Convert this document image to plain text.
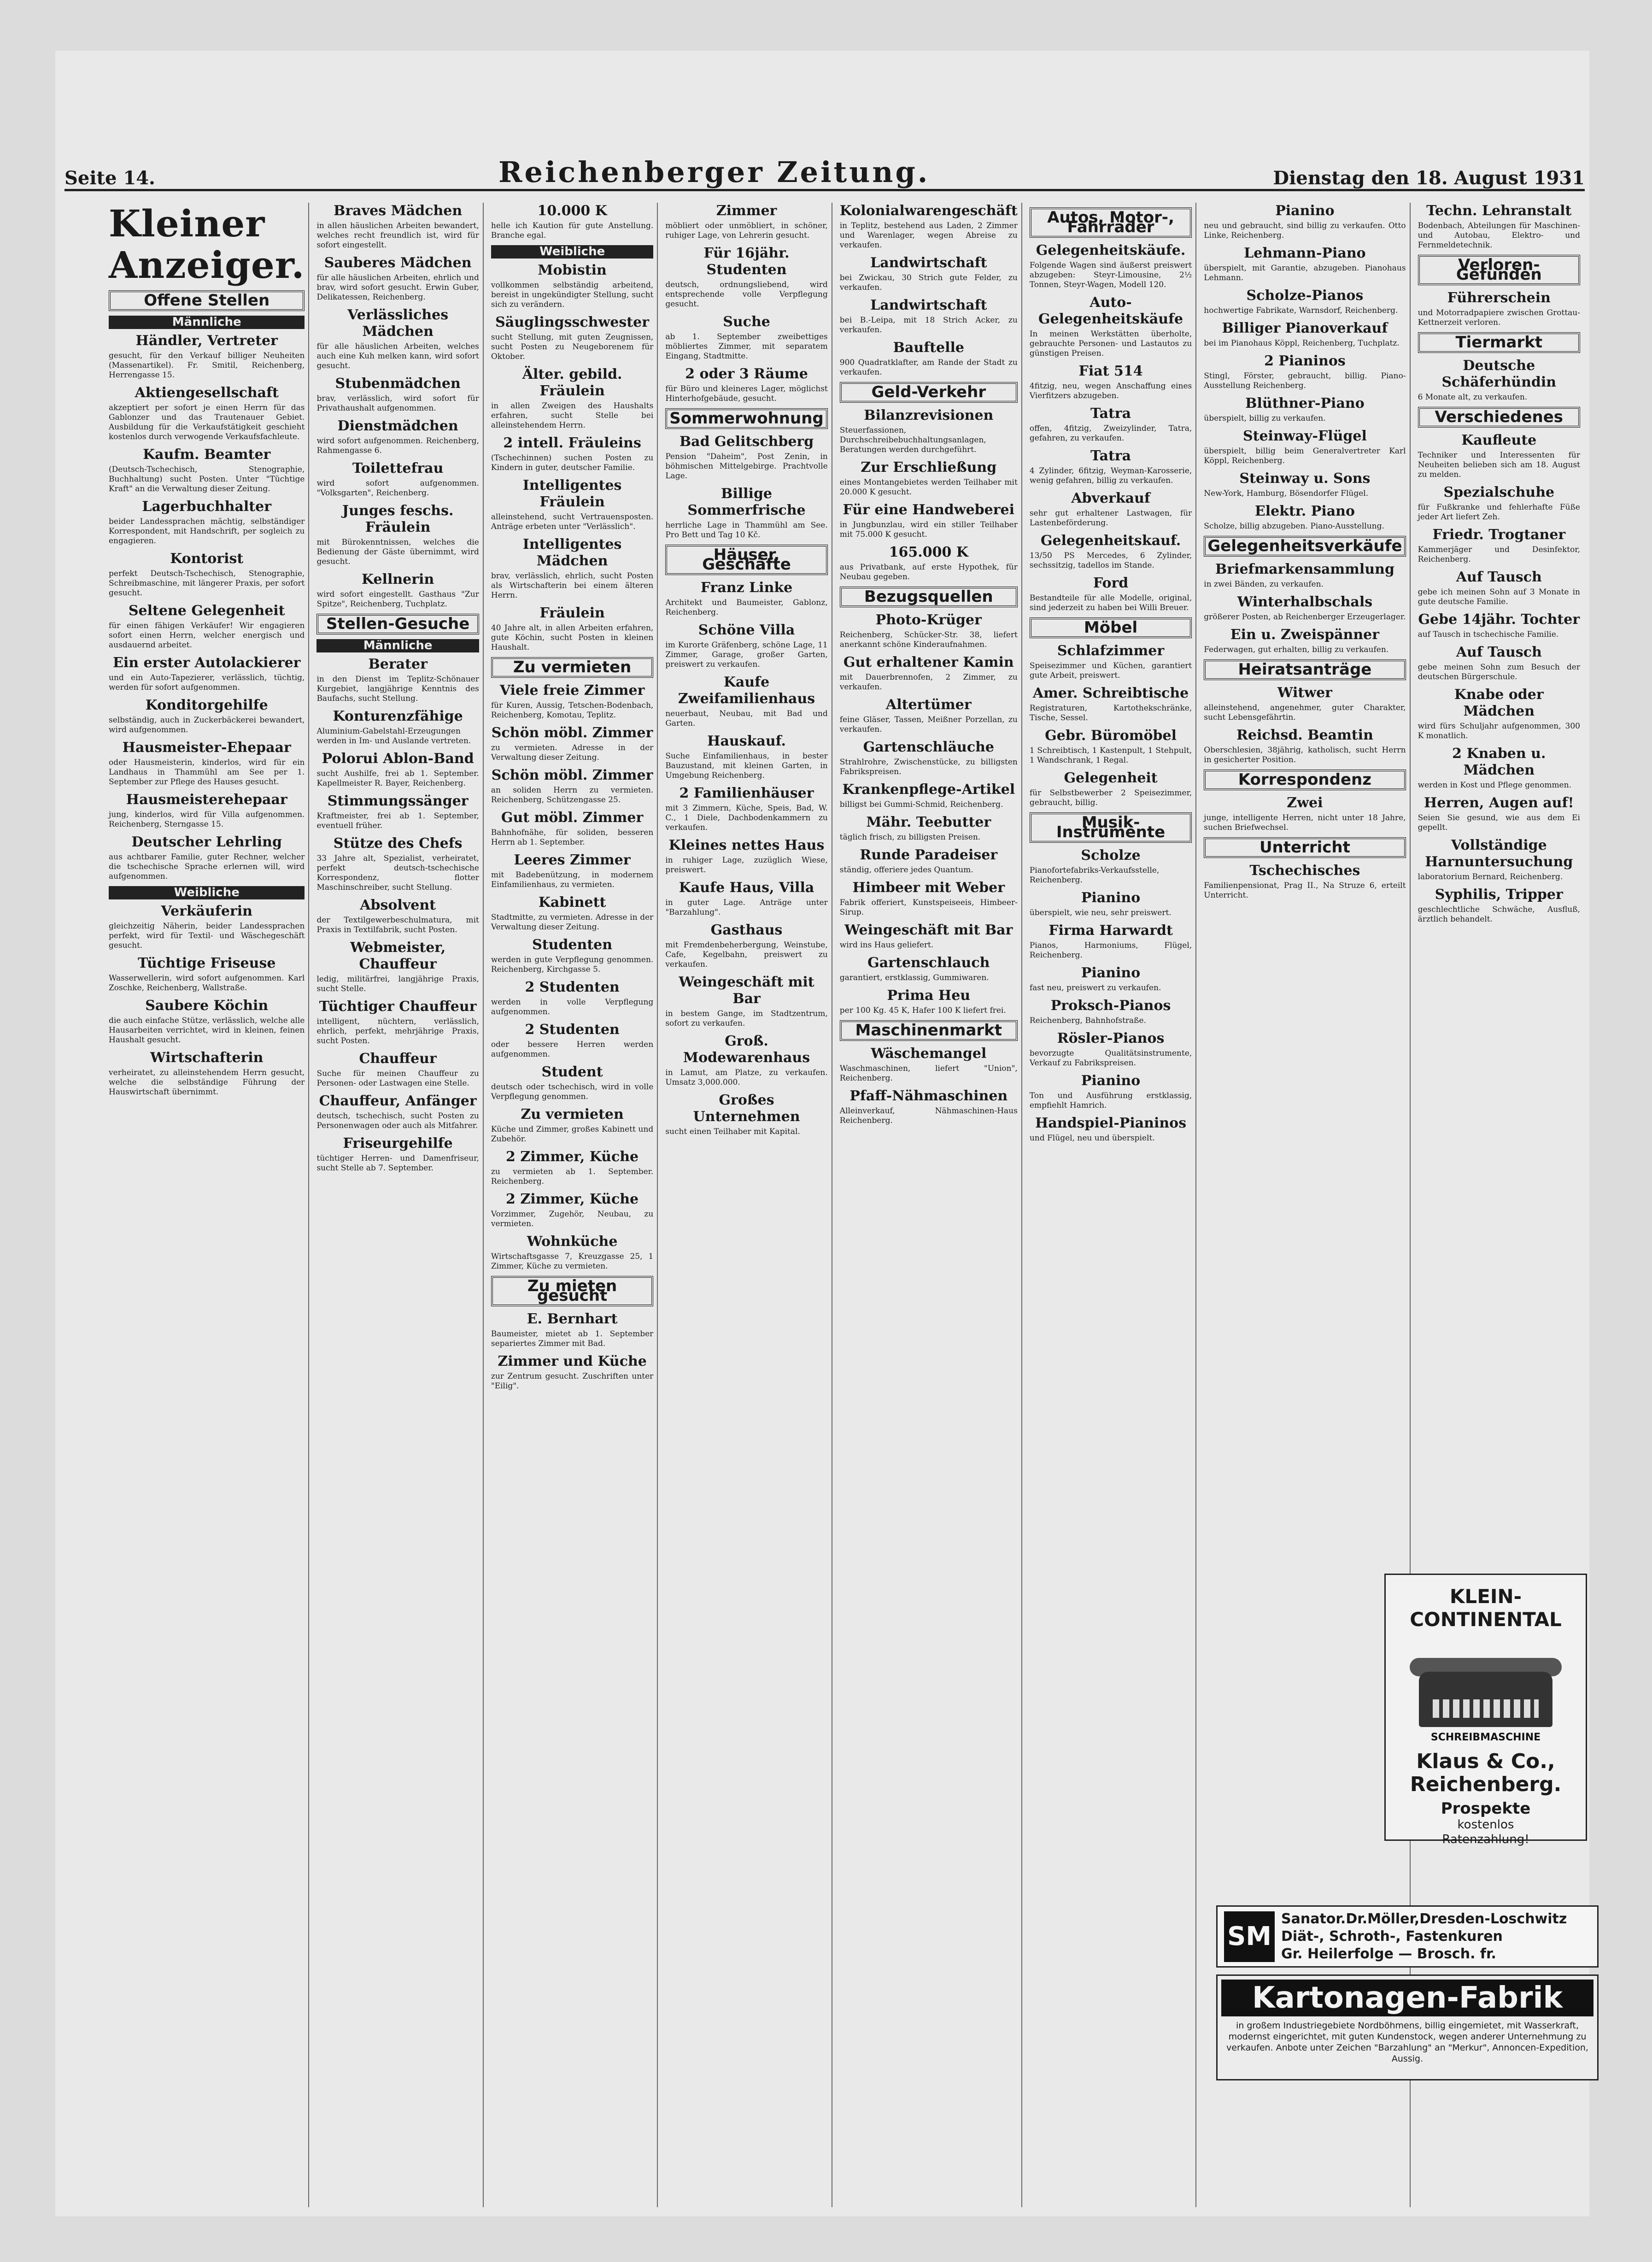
Seite 14.	Reichenberger Zeitung.	Dienstag den 18. August 1931
Kleiner Anzeiger.
Offene Stellen
Männliche
Händler, Vertreter
gesucht, für den Verkauf billiger Neuheiten (Massenartikel). Fr. Smitil, Reichenberg, Herrengasse 15.
Aktiengesellschaft
akzeptiert per sofort je einen Herrn für das Gablonzer und das Trautenauer Gebiet. Ausbildung für die Verkaufstätigkeit geschieht kostenlos durch verwogende Verkaufsfachleute.
Kaufm. Beamter
(Deutsch-Tschechisch, Stenographie, Buchhaltung) sucht Posten. Unter "Tüchtige Kraft" an die Verwaltung dieser Zeitung.
Lagerbuchhalter
beider Landessprachen mächtig, selbständiger Korrespondent, mit Handschrift, per sogleich zu engagieren.
Kontorist
perfekt Deutsch-Tschechisch, Stenographie, Schreibmaschine, mit längerer Praxis, per sofort gesucht.
Seltene Gelegenheit
für einen fähigen Verkäufer! Wir engagieren sofort einen Herrn, welcher energisch und ausdauernd arbeitet.
Ein erster Autolackierer
und ein Auto-Tapezierer, verlässlich, tüchtig, werden für sofort aufgenommen.
Konditorgehilfe
selbständig, auch in Zuckerbäckerei bewandert, wird aufgenommen.
Hausmeister-Ehepaar
oder Hausmeisterin, kinderlos, wird für ein Landhaus in Thammühl am See per 1. September zur Pflege des Hauses gesucht.
Hausmeisterehepaar
jung, kinderlos, wird für Villa aufgenommen. Reichenberg, Sterngasse 15.
Deutscher Lehrling
aus achtbarer Familie, guter Rechner, welcher die tschechische Sprache erlernen will, wird aufgenommen.
Weibliche
Verkäuferin
gleichzeitig Näherin, beider Landessprachen perfekt, wird für Textil- und Wäschegeschäft gesucht.
Tüchtige Friseuse
Wasserwellerin, wird sofort aufgenommen. Karl Zoschke, Reichenberg, Wallstraße.
Saubere Köchin
die auch einfache Stütze, verlässlich, welche alle Hausarbeiten verrichtet, wird in kleinen, feinen Haushalt gesucht.
Wirtschafterin
verheiratet, zu alleinstehendem Herrn gesucht, welche die selbständige Führung der Hauswirtschaft übernimmt.
Braves Mädchen
in allen häuslichen Arbeiten bewandert, welches recht freundlich ist, wird für sofort eingestellt.
Sauberes Mädchen
für alle häuslichen Arbeiten, ehrlich und brav, wird sofort gesucht. Erwin Guber, Delikatessen, Reichenberg.
Verlässliches Mädchen
für alle häuslichen Arbeiten, welches auch eine Kuh melken kann, wird sofort gesucht.
Stubenmädchen
brav, verlässlich, wird sofort für Privathaushalt aufgenommen.
Dienstmädchen
wird sofort aufgenommen. Reichenberg, Rahmengasse 6.
Toilettefrau
wird sofort aufgenommen. "Volksgarten", Reichenberg.
Junges feschs. Fräulein
mit Bürokenntnissen, welches die Bedienung der Gäste übernimmt, wird gesucht.
Kellnerin
wird sofort eingestellt. Gasthaus "Zur Spitze", Reichenberg, Tuchplatz.
Stellen-Gesuche
Männliche
Berater
in den Dienst im Teplitz-Schönauer Kurgebiet, langjährige Kenntnis des Baufachs, sucht Stellung.
Konturenzfähige
Aluminium-Gabelstahl-Erzeugungen werden in Im- und Auslande vertreten.
Polorui Ablon-Band
sucht Aushilfe, frei ab 1. September. Kapellmeister R. Bayer, Reichenberg.
Stimmungssänger
Kraftmeister, frei ab 1. September, eventuell früher.
Stütze des Chefs
33 Jahre alt, Spezialist, verheiratet, perfekt deutsch-tschechische Korrespondenz, flotter Maschinschreiber, sucht Stellung.
Absolvent
der Textilgewerbeschulmatura, mit Praxis in Textilfabrik, sucht Posten.
Webmeister, Chauffeur
ledig, militärfrei, langjährige Praxis, sucht Stelle.
Tüchtiger Chauffeur
intelligent, nüchtern, verlässlich, ehrlich, perfekt, mehrjährige Praxis, sucht Posten.
Chauffeur
Suche für meinen Chauffeur zu Personen- oder Lastwagen eine Stelle.
Chauffeur, Anfänger
deutsch, tschechisch, sucht Posten zu Personenwagen oder auch als Mitfahrer.
Friseurgehilfe
tüchtiger Herren- und Damenfriseur, sucht Stelle ab 7. September.
10.000 K
helle ich Kaution für gute Anstellung. Branche egal.
Weibliche
Mobistin
vollkommen selbständig arbeitend, bereist in ungekündigter Stellung, sucht sich zu verändern.
Säuglingsschwester
sucht Stellung, mit guten Zeugnissen, sucht Posten zu Neugeborenem für Oktober.
Älter. gebild. Fräulein
in allen Zweigen des Haushalts erfahren, sucht Stelle bei alleinstehendem Herrn.
2 intell. Fräuleins
(Tschechinnen) suchen Posten zu Kindern in guter, deutscher Familie.
Intelligentes Fräulein
alleinstehend, sucht Vertrauensposten. Anträge erbeten unter "Verlässlich".
Intelligentes Mädchen
brav, verlässlich, ehrlich, sucht Posten als Wirtschafterin bei einem älteren Herrn.
Fräulein
40 Jahre alt, in allen Arbeiten erfahren, gute Köchin, sucht Posten in kleinen Haushalt.
Zu vermieten
Viele freie Zimmer
für Kuren, Aussig, Tetschen-Bodenbach, Reichenberg, Komotau, Teplitz.
Schön möbl. Zimmer
zu vermieten. Adresse in der Verwaltung dieser Zeitung.
Schön möbl. Zimmer
an soliden Herrn zu vermieten. Reichenberg, Schützengasse 25.
Gut möbl. Zimmer
Bahnhofnähe, für soliden, besseren Herrn ab 1. September.
Leeres Zimmer
mit Badebenützung, in modernem Einfamilienhaus, zu vermieten.
Kabinett
Stadtmitte, zu vermieten. Adresse in der Verwaltung dieser Zeitung.
Studenten
werden in gute Verpflegung genommen. Reichenberg, Kirchgasse 5.
2 Studenten
werden in volle Verpflegung aufgenommen.
2 Studenten
oder bessere Herren werden aufgenommen.
Student
deutsch oder tschechisch, wird in volle Verpflegung genommen.
Zu vermieten
Küche und Zimmer, großes Kabinett und Zubehör.
2 Zimmer, Küche
zu vermieten ab 1. September. Reichenberg.
2 Zimmer, Küche
Vorzimmer, Zugehör, Neubau, zu vermieten.
Wohnküche
Wirtschaftsgasse 7, Kreuzgasse 25, 1 Zimmer, Küche zu vermieten.
Zu mieten gesucht
E. Bernhart
Baumeister, mietet ab 1. September separiertes Zimmer mit Bad.
Zimmer und Küche
zur Zentrum gesucht. Zuschriften unter "Eilig".
Zimmer
möbliert oder unmöbliert, in schöner, ruhiger Lage, von Lehrerin gesucht.
Für 16jähr. Studenten
deutsch, ordnungsliebend, wird entsprechende volle Verpflegung gesucht.
Suche
ab 1. September zweibettiges möbliertes Zimmer, mit separatem Eingang, Stadtmitte.
2 oder 3 Räume
für Büro und kleineres Lager, möglichst Hinterhofgebäude, gesucht.
Sommerwohnung
Bad Gelitschberg
Pension "Daheim", Post Zenin, in böhmischen Mittelgebirge. Prachtvolle Lage.
Billige Sommerfrische
herrliche Lage in Thammühl am See. Pro Bett und Tag 10 Kč.
Häuser, Geschäfte
Franz Linke
Architekt und Baumeister, Gablonz, Reichenberg.
Schöne Villa
im Kurorte Gräfenberg, schöne Lage, 11 Zimmer, Garage, großer Garten, preiswert zu verkaufen.
Kaufe Zweifamilienhaus
neuerbaut, Neubau, mit Bad und Garten.
Hauskauf.
Suche Einfamilienhaus, in bester Bauzustand, mit kleinen Garten, in Umgebung Reichenberg.
2 Familienhäuser
mit 3 Zimmern, Küche, Speis, Bad, W. C., 1 Diele, Dachbodenkammern zu verkaufen.
Kleines nettes Haus
in ruhiger Lage, zuzüglich Wiese, preiswert.
Kaufe Haus, Villa
in guter Lage. Anträge unter "Barzahlung".
Gasthaus
mit Fremdenbeherbergung, Weinstube, Cafe, Kegelbahn, preiswert zu verkaufen.
Weingeschäft mit Bar
in bestem Gange, im Stadtzentrum, sofort zu verkaufen.
Groß. Modewarenhaus
in Lamut, am Platze, zu verkaufen. Umsatz 3,000.000.
Großes Unternehmen
sucht einen Teilhaber mit Kapital.
Kolonialwarengeschäft
in Teplitz, bestehend aus Laden, 2 Zimmer und Warenlager, wegen Abreise zu verkaufen.
Landwirtschaft
bei Zwickau, 30 Strich gute Felder, zu verkaufen.
Landwirtschaft
bei B.-Leipa, mit 18 Strich Acker, zu verkaufen.
Bauftelle
900 Quadratklafter, am Rande der Stadt zu verkaufen.
Geld-Verkehr
Bilanzrevisionen
Steuerfassionen, Durchschreibebuchhaltungsanlagen, Beratungen werden durchgeführt.
Zur Erschließung
eines Montangebietes werden Teilhaber mit 20.000 K gesucht.
Für eine Handweberei
in Jungbunzlau, wird ein stiller Teilhaber mit 75.000 K gesucht.
165.000 K
aus Privatbank, auf erste Hypothek, für Neubau gegeben.
Bezugsquellen
Photo-Krüger
Reichenberg, Schücker-Str. 38, liefert anerkannt schöne Kinderaufnahmen.
Gut erhaltener Kamin
mit Dauerbrennofen, 2 Zimmer, zu verkaufen.
Altertümer
feine Gläser, Tassen, Meißner Porzellan, zu verkaufen.
Gartenschläuche
Strahlrohre, Zwischenstücke, zu billigsten Fabrikspreisen.
Krankenpflege-Artikel
billigst bei Gummi-Schmid, Reichenberg.
Mähr. Teebutter
täglich frisch, zu billigsten Preisen.
Runde Paradeiser
ständig, offeriere jedes Quantum.
Himbeer mit Weber
Fabrik offeriert, Kunstspeiseeis, Himbeer-Sirup.
Weingeschäft mit Bar
wird ins Haus geliefert.
Gartenschlauch
garantiert, erstklassig, Gummiwaren.
Prima Heu
per 100 Kg. 45 K, Hafer 100 K liefert frei.
Maschinenmarkt
Wäschemangel
Waschmaschinen, liefert "Union", Reichenberg.
Pfaff-Nähmaschinen
Alleinverkauf, Nähmaschinen-Haus Reichenberg.
Autos, Motor-, Fahrräder
Gelegenheitskäufe.
Folgende Wagen sind äußerst preiswert abzugeben: Steyr-Limousine, 2½ Tonnen, Steyr-Wagen, Modell 120.
Auto-Gelegenheitskäufe
In meinen Werkstätten überholte, gebrauchte Personen- und Lastautos zu günstigen Preisen.
Fiat 514
4fitzig, neu, wegen Anschaffung eines Vierfitzers abzugeben.
Tatra
offen, 4fitzig, Zweizylinder, Tatra, gefahren, zu verkaufen.
Tatra
4 Zylinder, 6fitzig, Weyman-Karosserie, wenig gefahren, billig zu verkaufen.
Abverkauf
sehr gut erhaltener Lastwagen, für Lastenbeförderung.
Gelegenheitskauf.
13/50 PS Mercedes, 6 Zylinder, sechssitzig, tadellos im Stande.
Ford
Bestandteile für alle Modelle, original, sind jederzeit zu haben bei Willi Breuer.
Möbel
Schlafzimmer
Speisezimmer und Küchen, garantiert gute Arbeit, preiswert.
Amer. Schreibtische
Registraturen, Kartothekschränke, Tische, Sessel.
Gebr. Büromöbel
1 Schreibtisch, 1 Kastenpult, 1 Stehpult, 1 Wandschrank, 1 Regal.
Gelegenheit
für Selbstbewerber 2 Speisezimmer, gebraucht, billig.
Musik-Instrumente
Scholze
Pianofortefabriks-Verkaufsstelle, Reichenberg.
Pianino
überspielt, wie neu, sehr preiswert.
Firma Harwardt
Pianos, Harmoniums, Flügel, Reichenberg.
Pianino
fast neu, preiswert zu verkaufen.
Proksch-Pianos
Reichenberg, Bahnhofstraße.
Rösler-Pianos
bevorzugte Qualitätsinstrumente, Verkauf zu Fabrikspreisen.
Pianino
Ton und Ausführung erstklassig, empfiehlt Hamrich.
Handspiel-Pianinos
und Flügel, neu und überspielt.
Pianino
neu und gebraucht, sind billig zu verkaufen. Otto Linke, Reichenberg.
Lehmann-Piano
überspielt, mit Garantie, abzugeben. Pianohaus Lehmann.
Scholze-Pianos
hochwertige Fabrikate, Warnsdorf, Reichenberg.
Billiger Pianoverkauf
bei im Pianohaus Köppl, Reichenberg, Tuchplatz.
2 Pianinos
Stingl, Förster, gebraucht, billig. Piano-Ausstellung Reichenberg.
Blüthner-Piano
überspielt, billig zu verkaufen.
Steinway-Flügel
überspielt, billig beim Generalvertreter Karl Köppl, Reichenberg.
Steinway u. Sons
New-York, Hamburg, Bösendorfer Flügel.
Elektr. Piano
Scholze, billig abzugeben. Piano-Ausstellung.
Gelegenheitsverkäufe
Briefmarkensammlung
in zwei Bänden, zu verkaufen.
Winterhalbschals
größerer Posten, ab Reichenberger Erzeugerlager.
Ein u. Zweispänner
Federwagen, gut erhalten, billig zu verkaufen.
Heiratsanträge
Witwer
alleinstehend, angenehmer, guter Charakter, sucht Lebensgefährtin.
Reichsd. Beamtin
Oberschlesien, 38jährig, katholisch, sucht Herrn in gesicherter Position.
Korrespondenz
Zwei
junge, intelligente Herren, nicht unter 18 Jahre, suchen Briefwechsel.
Unterricht
Tschechisches
Familienpensionat, Prag II., Na Struze 6, erteilt Unterricht.
Techn. Lehranstalt
Bodenbach, Abteilungen für Maschinen- und Autobau, Elektro- und Fernmeldetechnik.
Verloren-Gefunden
Führerschein
und Motorradpapiere zwischen Grottau-Kettnerzeit verloren.
Tiermarkt
Deutsche Schäferhündin
6 Monate alt, zu verkaufen.
Verschiedenes
Kaufleute
Techniker und Interessenten für Neuheiten belieben sich am 18. August zu melden.
Spezialschuhe
für Fußkranke und fehlerhafte Füße jeder Art liefert Zeh.
Friedr. Trogtaner
Kammerjäger und Desinfektor, Reichenberg.
Auf Tausch
gebe ich meinen Sohn auf 3 Monate in gute deutsche Familie.
Gebe 14jähr. Tochter
auf Tausch in tschechische Familie.
Auf Tausch
gebe meinen Sohn zum Besuch der deutschen Bürgerschule.
Knabe oder Mädchen
wird fürs Schuljahr aufgenommen, 300 K monatlich.
2 Knaben u. Mädchen
werden in Kost und Pflege genommen.
Herren, Augen auf!
Seien Sie gesund, wie aus dem Ei gepellt.
Vollständige Harnuntersuchung
laboratorium Bernard, Reichenberg.
Syphilis, Tripper
geschlechtliche Schwäche, Ausfluß, ärztlich behandelt.
KLEIN-CONTINENTAL
SCHREIBMASCHINE
Klaus & Co., Reichenberg.
Prospekte
kostenlos
Ratenzahlung!
SM
Sanator.Dr.Möller,Dresden-Loschwitz
Diät-, Schroth-, Fastenkuren
Gr. Heilerfolge — Brosch. fr.
Kartonagen-Fabrik
in großem Industriegebiete Nordböhmens, billig eingemietet, mit Wasserkraft, modernst eingerichtet, mit guten Kundenstock, wegen anderer Unternehmung zu verkaufen. Anbote unter Zeichen "Barzahlung" an "Merkur", Annoncen-Expedition, Aussig.
